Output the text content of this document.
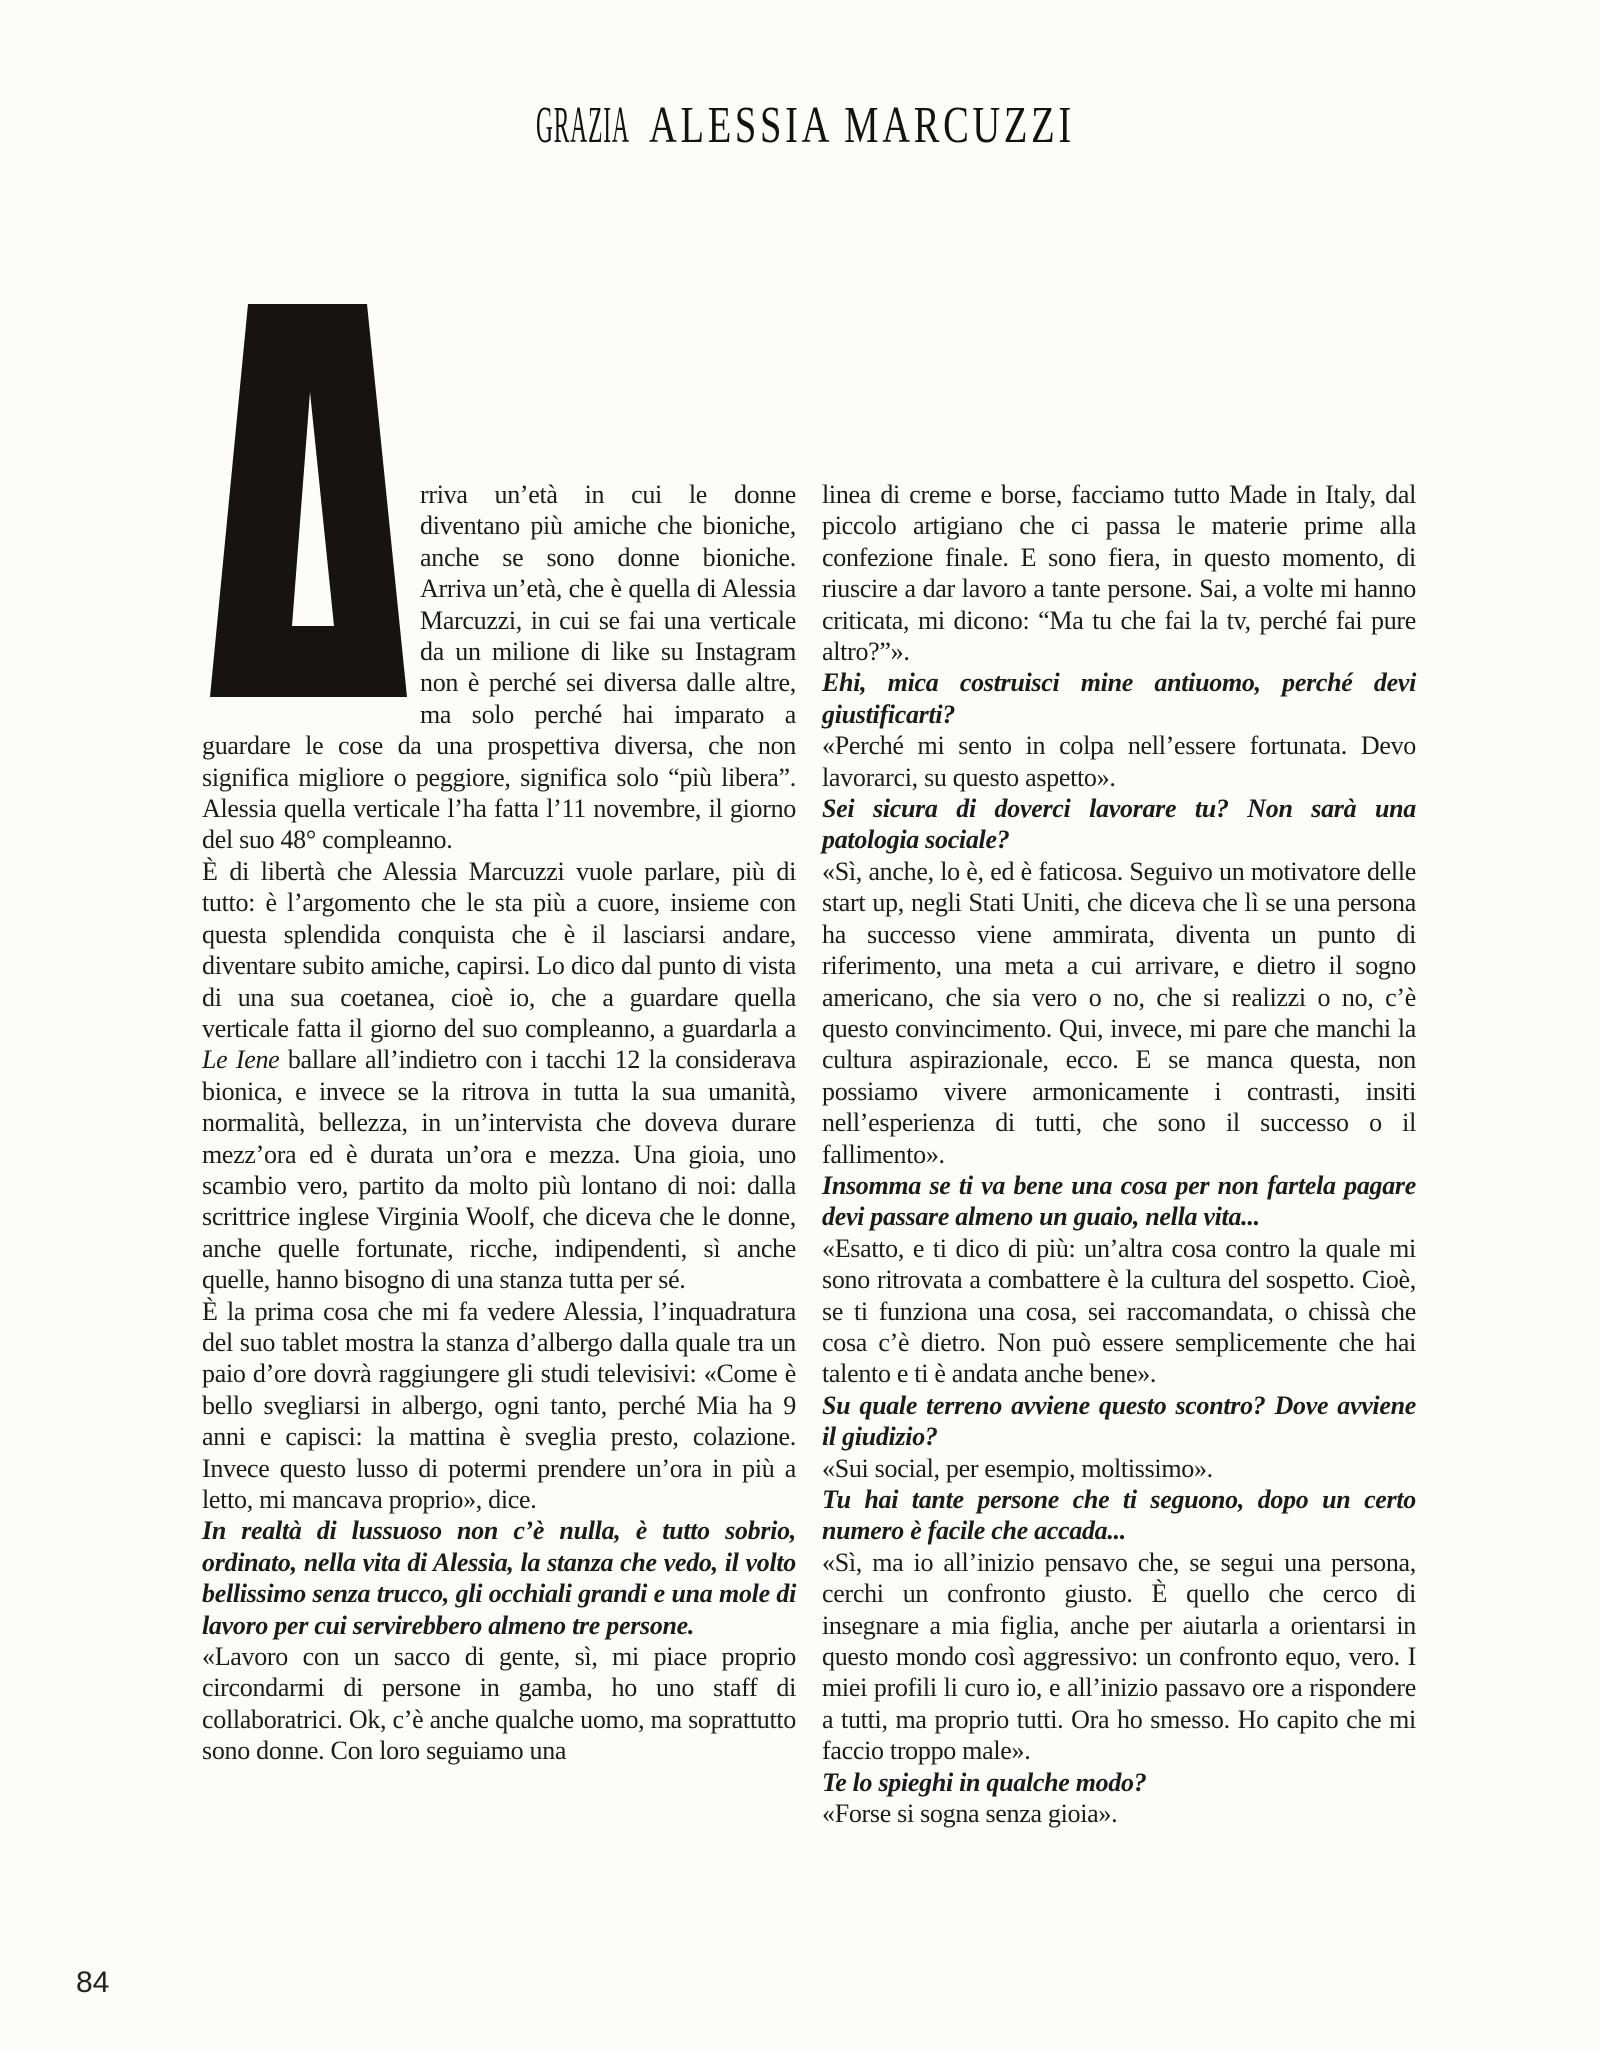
GRAZIA ALESSIA MARCUZZI

rriva un’età in cui le donne diventano più amiche che bioniche, anche se sono donne bioniche. Arriva un’età, che è quella di Alessia Marcuzzi, in cui se fai una verticale da un milione di like su Instagram non è perché sei diversa dalle altre, ma solo perché hai imparato a guardare le cose da una prospettiva diversa, che non significa migliore o peggiore, significa solo “più libera”. Alessia quella verticale l’ha fatta l’11 novembre, il giorno del suo 48° compleanno.

È di libertà che Alessia Marcuzzi vuole parlare, più di tutto: è l’argomento che le sta più a cuore, insieme con questa splendida conquista che è il lasciarsi andare, diventare subito amiche, capirsi. Lo dico dal punto di vista di una sua coetanea, cioè io, che a guardare quella verticale fatta il giorno del suo compleanno, a guardarla a Le Iene ballare all’indietro con i tacchi 12 la considerava bionica, e invece se la ritrova in tutta la sua umanità, normalità, bellezza, in un’intervista che doveva durare mezz’ora ed è durata un’ora e mezza. Una gioia, uno scambio vero, partito da molto più lontano di noi: dalla scrittrice inglese Virginia Woolf, che diceva che le donne, anche quelle fortunate, ricche, indipendenti, sì anche quelle, hanno bisogno di una stanza tutta per sé.

È la prima cosa che mi fa vedere Alessia, l’inquadratura del suo tablet mostra la stanza d’albergo dalla quale tra un paio d’ore dovrà raggiungere gli studi televisivi: «Come è bello svegliarsi in albergo, ogni tanto, perché Mia ha 9 anni e capisci: la mattina è sveglia presto, colazione. Invece questo lusso di potermi prendere un’ora in più a letto, mi mancava proprio», dice.

In realtà di lussuoso non c’è nulla, è tutto sobrio, ordinato, nella vita di Alessia, la stanza che vedo, il volto bellissimo senza trucco, gli occhiali grandi e una mole di lavoro per cui servirebbero almeno tre persone.

«Lavoro con un sacco di gente, sì, mi piace proprio circondarmi di persone in gamba, ho uno staff di collaboratrici. Ok, c’è anche qualche uomo, ma soprattutto sono donne. Con loro seguiamo una

linea di creme e borse, facciamo tutto Made in Italy, dal piccolo artigiano che ci passa le materie prime alla confezione finale. E sono fiera, in questo momento, di riuscire a dar lavoro a tante persone. Sai, a volte mi hanno criticata, mi dicono: “Ma tu che fai la tv, perché fai pure altro?”».

Ehi, mica costruisci mine antiuomo, perché devi giustificarti?

«Perché mi sento in colpa nell’essere fortunata. Devo lavorarci, su questo aspetto».

Sei sicura di doverci lavorare tu? Non sarà una patologia sociale?

«Sì, anche, lo è, ed è faticosa. Seguivo un motivatore delle start up, negli Stati Uniti, che diceva che lì se una persona ha successo viene ammirata, diventa un punto di riferimento, una meta a cui arrivare, e dietro il sogno americano, che sia vero o no, che si realizzi o no, c’è questo convincimento. Qui, invece, mi pare che manchi la cultura aspirazionale, ecco. E se manca questa, non possiamo vivere armonicamente i contrasti, insiti nell’esperienza di tutti, che sono il successo o il fallimento».

Insomma se ti va bene una cosa per non fartela pagare devi passare almeno un guaio, nella vita...

«Esatto, e ti dico di più: un’altra cosa contro la quale mi sono ritrovata a combattere è la cultura del sospetto. Cioè, se ti funziona una cosa, sei raccomandata, o chissà che cosa c’è dietro. Non può essere semplicemente che hai talento e ti è andata anche bene».

Su quale terreno avviene questo scontro? Dove avviene il giudizio?

«Sui social, per esempio, moltissimo».

Tu hai tante persone che ti seguono, dopo un certo numero è facile che accada...

«Sì, ma io all’inizio pensavo che, se segui una persona, cerchi un confronto giusto. È quello che cerco di insegnare a mia figlia, anche per aiutarla a orientarsi in questo mondo così aggressivo: un confronto equo, vero. I miei profili li curo io, e all’inizio passavo ore a rispondere a tutti, ma proprio tutti. Ora ho smesso. Ho capito che mi faccio troppo male».

Te lo spieghi in qualche modo?

«Forse si sogna senza gioia».

84
